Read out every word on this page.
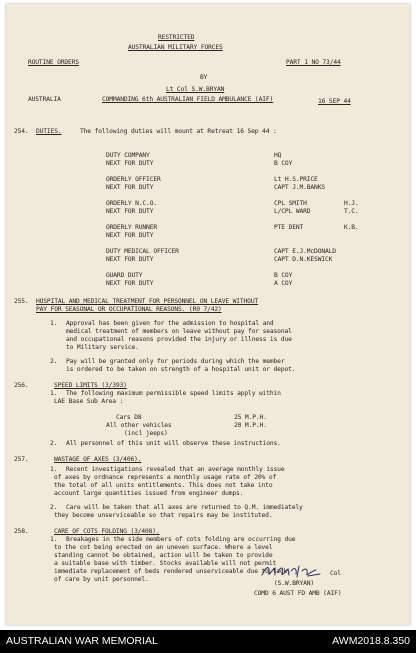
RESTRICTED
AUSTRALIAN MILITARY FORCES
ROUTINE ORDERS	PART 1 NO 73/44
BY
Lt Col S.W.BRYAN
AUSTRALIA	COMMANDING 6th AUSTRALIAN FIELD AMBULANCE (AIF)	16 SEP 44
254. DUTIES.	The following duties will mount at Retreat 16 Sep 44 :
DUTY COMPANY	HQ
NEXT FOR DUTY	B COY
ORDERLY OFFICER	Lt H.S.PRICE
NEXT FOR DUTY	CAPT J.M.BANKS
ORDERLY N.C.O.	CPL SMITH	H.J.
NEXT FOR DUTY	L/CPL WARD	T.C.
ORDERLY RUNNER	PTE DENT	K.B.
NEXT FOR DUTY
DUTY MEDICAL OFFICER	CAPT E.J.McDONALD
NEXT FOR DUTY	CAPT D.N.KESWICK
GUARD DUTY	B COY
NEXT FOR DUTY	A COY
255. HOSPITAL AND MEDICAL TREATMENT FOR PERSONNEL ON LEAVE WITHOUT
PAY FOR SEASONAL OR OCCUPATIONAL REASONS. (R0 7/42)
1. Approval has been given for the admission to hospital and
medical treatment of members on leave without pay for seasonal
and occupational reasons provided the injury or illness is due
to Military service.
2. Pay will be granted only for periods during which the member
is ordered to be taken on strength of a hospital unit or depot.
256.	SPEED LIMITS (3/393)
1. The following maximum permissible speed limits apply within
LAE Base Sub Area :
Cars D8	25 M.P.H.
All other vehicles	20 M.P.H.
(incl jeeps)
2. All personnel of this unit will observe these instructions.
257.	WASTAGE OF AXES (3/406).
1. Recent investigations revealed that an average monthly issue
of axes by ordnance represents a monthly usage rate of 20% of
the total of all units entitlements. This does not take into
account large quantities issued from engineer dumps.
2. Care will be taken that all axes are returned to Q.M. immediately
they become unserviceable so that repairs may be instituted.
258.	CARE OF COTS FOLDING (3/408).
1. Breakages in the side members of cots folding are occurring due
to the cot being erected on an uneven surface. Where a level
standing cannot be obtained, action will be taken to provide
a suitable base with timber. Stocks available will not permit
immediate replacement of beds rendered unserviceable due to lack
of care by unit personnel.
Col
(S.W.BRYAN)
COMD 6 AUST FD AMB (AIF)
AUSTRALIAN WAR MEMORIAL	AWM2018.8.350
